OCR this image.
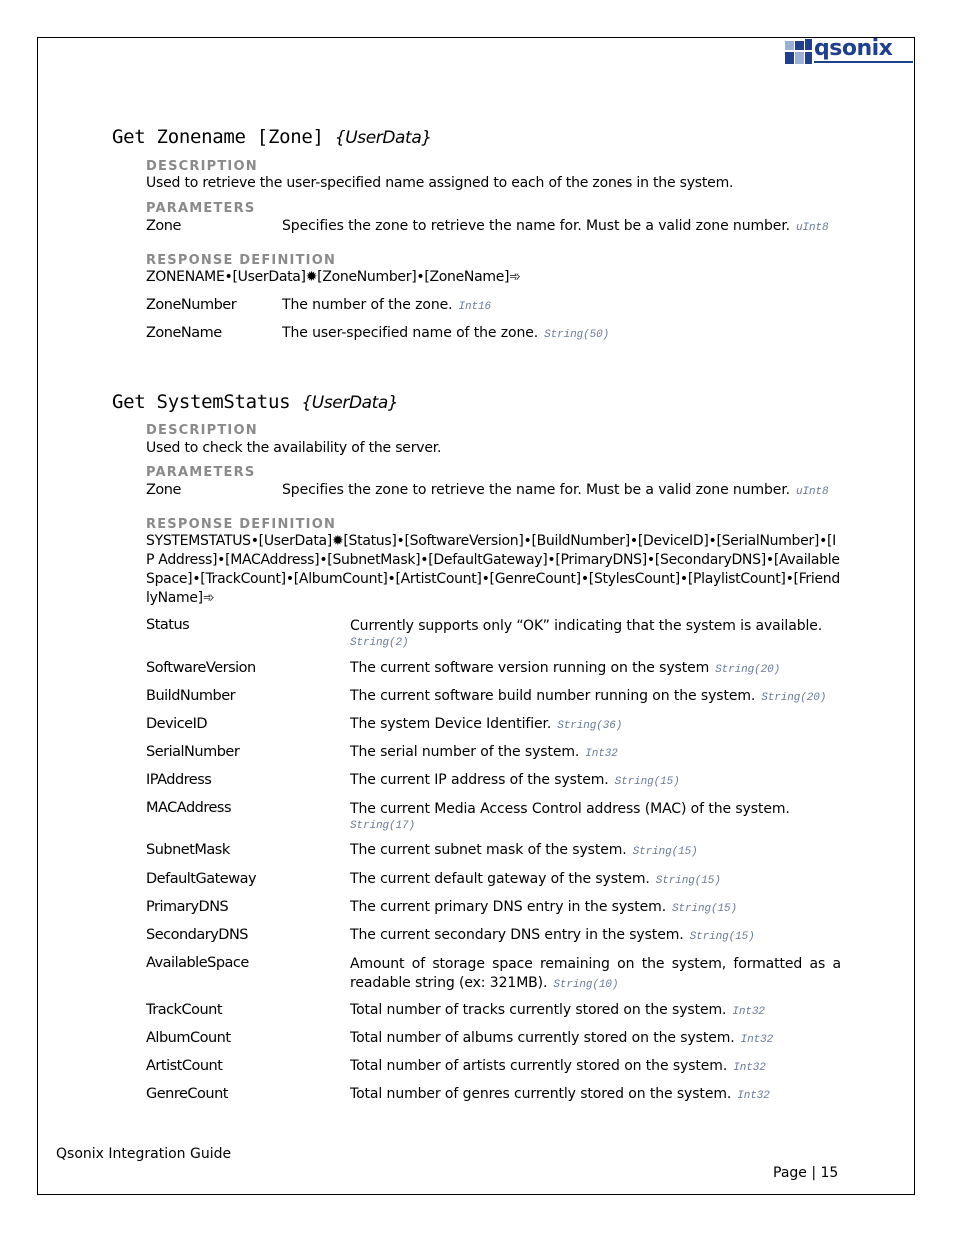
qsonix
Get Zonename [Zone] {UserData}
DESCRIPTION
Used to retrieve the user-specified name assigned to each of the zones in the system.
PARAMETERS
Zone	Specifies the zone to retrieve the name for. Must be a valid zone number. uInt8
RESPONSE DEFINITION
ZONENAME•[UserData]✹[ZoneNumber]•[ZoneName]➾
ZoneNumber	The number of the zone. Int16
ZoneName	The user-specified name of the zone. String(50)
Get SystemStatus {UserData}
DESCRIPTION
Used to check the availability of the server.
PARAMETERS
Zone	Specifies the zone to retrieve the name for. Must be a valid zone number. uInt8
RESPONSE DEFINITION
SYSTEMSTATUS•[UserData]✹[Status]•[SoftwareVersion]•[BuildNumber]•[DeviceID]•[SerialNumber]•[IP Address]•[MACAddress]•[SubnetMask]•[DefaultGateway]•[PrimaryDNS]•[SecondaryDNS]•[AvailableSpace]•[TrackCount]•[AlbumCount]•[ArtistCount]•[GenreCount]•[StylesCount]•[PlaylistCount]•[FriendlyName]➾
Status	Currently supports only “OK” indicating that the system is available.
String(2)
SoftwareVersion	The current software version running on the system String(20)
BuildNumber	The current software build number running on the system. String(20)
DeviceID	The system Device Identifier. String(36)
SerialNumber	The serial number of the system. Int32
IPAddress	The current IP address of the system. String(15)
MACAddress	The current Media Access Control address (MAC) of the system.
String(17)
SubnetMask	The current subnet mask of the system. String(15)
DefaultGateway	The current default gateway of the system. String(15)
PrimaryDNS	The current primary DNS entry in the system. String(15)
SecondaryDNS	The current secondary DNS entry in the system. String(15)
AvailableSpace	Amount of storage space remaining on the system, formatted as a readable string (ex: 321MB). String(10)
TrackCount	Total number of tracks currently stored on the system. Int32
AlbumCount	Total number of albums currently stored on the system. Int32
ArtistCount	Total number of artists currently stored on the system. Int32
GenreCount	Total number of genres currently stored on the system. Int32
Qsonix Integration Guide
Page | 15
